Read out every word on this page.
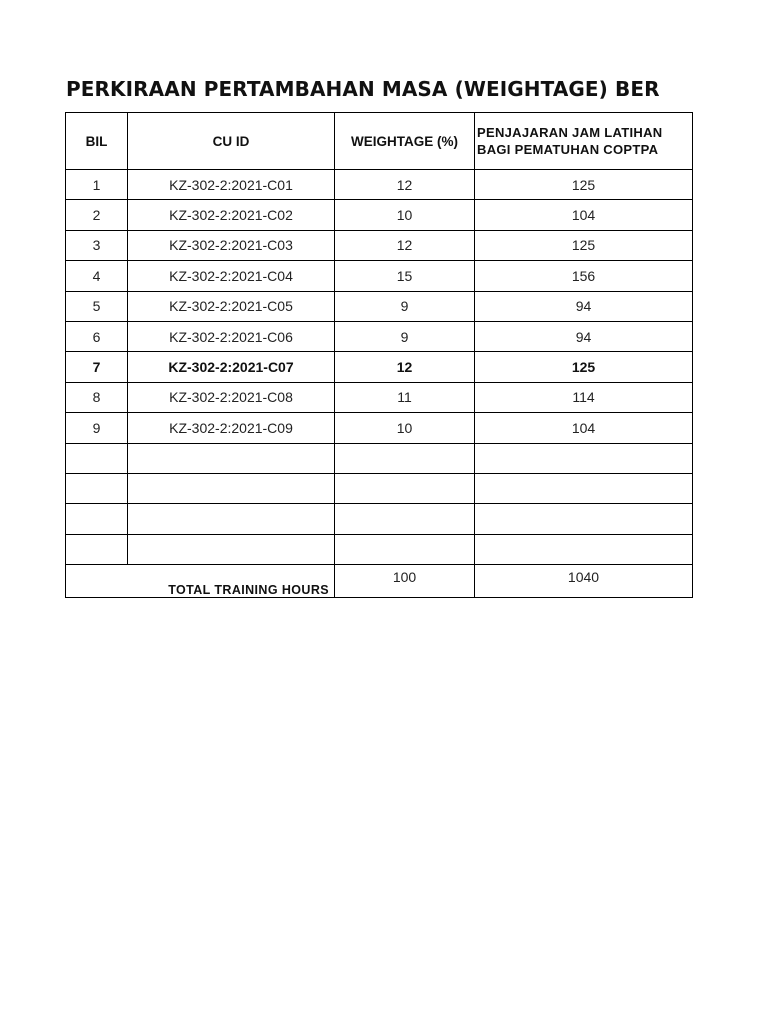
PERKIRAAN PERTAMBAHAN MASA (WEIGHTAGE) BER
BIL	CU ID	WEIGHTAGE (%)	PENJAJARAN JAM LATIHAN
BAGI PEMATUHAN COPTPA

1	KZ-302-2:2021-C01	12	125
2	KZ-302-2:2021-C02	10	104
3	KZ-302-2:2021-C03	12	125
4	KZ-302-2:2021-C04	15	156
5	KZ-302-2:2021-C05	9	94
6	KZ-302-2:2021-C06	9	94
7	KZ-302-2:2021-C07	12	125
8	KZ-302-2:2021-C08	11	114
9	KZ-302-2:2021-C09	10	104

TOTAL TRAINING HOURS		100	1040
